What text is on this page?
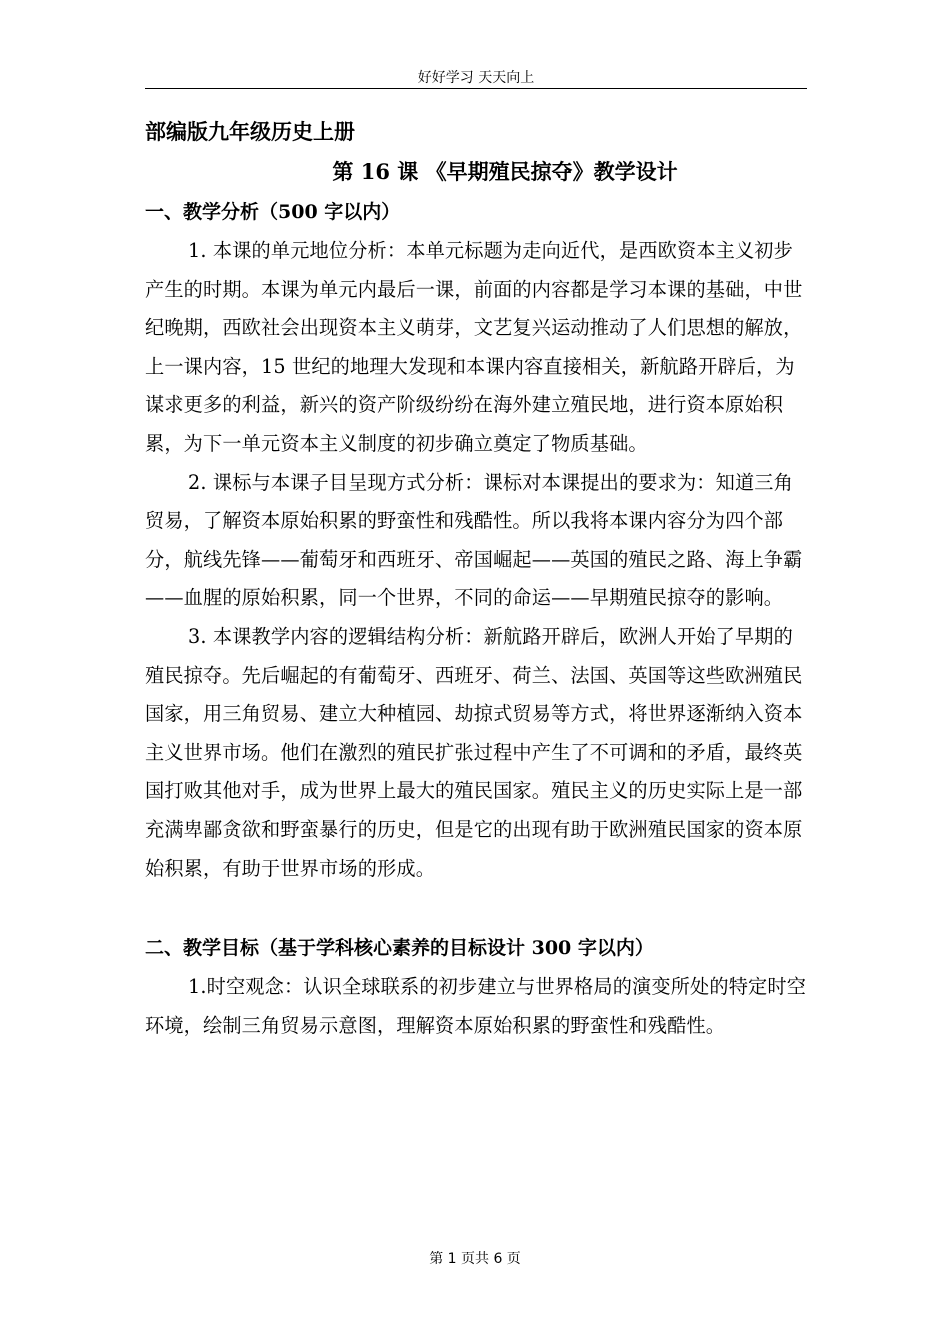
好好学习 天天向上

部编版九年级历史上册

第 16 课 《早期殖民掠夺》教学设计

一、教学分析（500 字以内）

1. 本课的单元地位分析：本单元标题为走向近代，是西欧资本主义初步产生的时期。本课为单元内最后一课，前面的内容都是学习本课的基础，中世纪晚期，西欧社会出现资本主义萌芽，文艺复兴运动推动了人们思想的解放，上一课内容，15 世纪的地理大发现和本课内容直接相关，新航路开辟后，为谋求更多的利益，新兴的资产阶级纷纷在海外建立殖民地，进行资本原始积累，为下一单元资本主义制度的初步确立奠定了物质基础。

2. 课标与本课子目呈现方式分析：课标对本课提出的要求为：知道三角贸易，了解资本原始积累的野蛮性和残酷性。所以我将本课内容分为四个部分，航线先锋——葡萄牙和西班牙、帝国崛起——英国的殖民之路、海上争霸——血腥的原始积累，同一个世界，不同的命运——早期殖民掠夺的影响。

3. 本课教学内容的逻辑结构分析：新航路开辟后，欧洲人开始了早期的殖民掠夺。先后崛起的有葡萄牙、西班牙、荷兰、法国、英国等这些欧洲殖民国家，用三角贸易、建立大种植园、劫掠式贸易等方式，将世界逐渐纳入资本主义世界市场。他们在激烈的殖民扩张过程中产生了不可调和的矛盾，最终英国打败其他对手，成为世界上最大的殖民国家。殖民主义的历史实际上是一部充满卑鄙贪欲和野蛮暴行的历史，但是它的出现有助于欧洲殖民国家的资本原始积累，有助于世界市场的形成。

二、教学目标（基于学科核心素养的目标设计 300 字以内）

1.时空观念：认识全球联系的初步建立与世界格局的演变所处的特定时空环境，绘制三角贸易示意图，理解资本原始积累的野蛮性和残酷性。

第 1 页共 6 页
